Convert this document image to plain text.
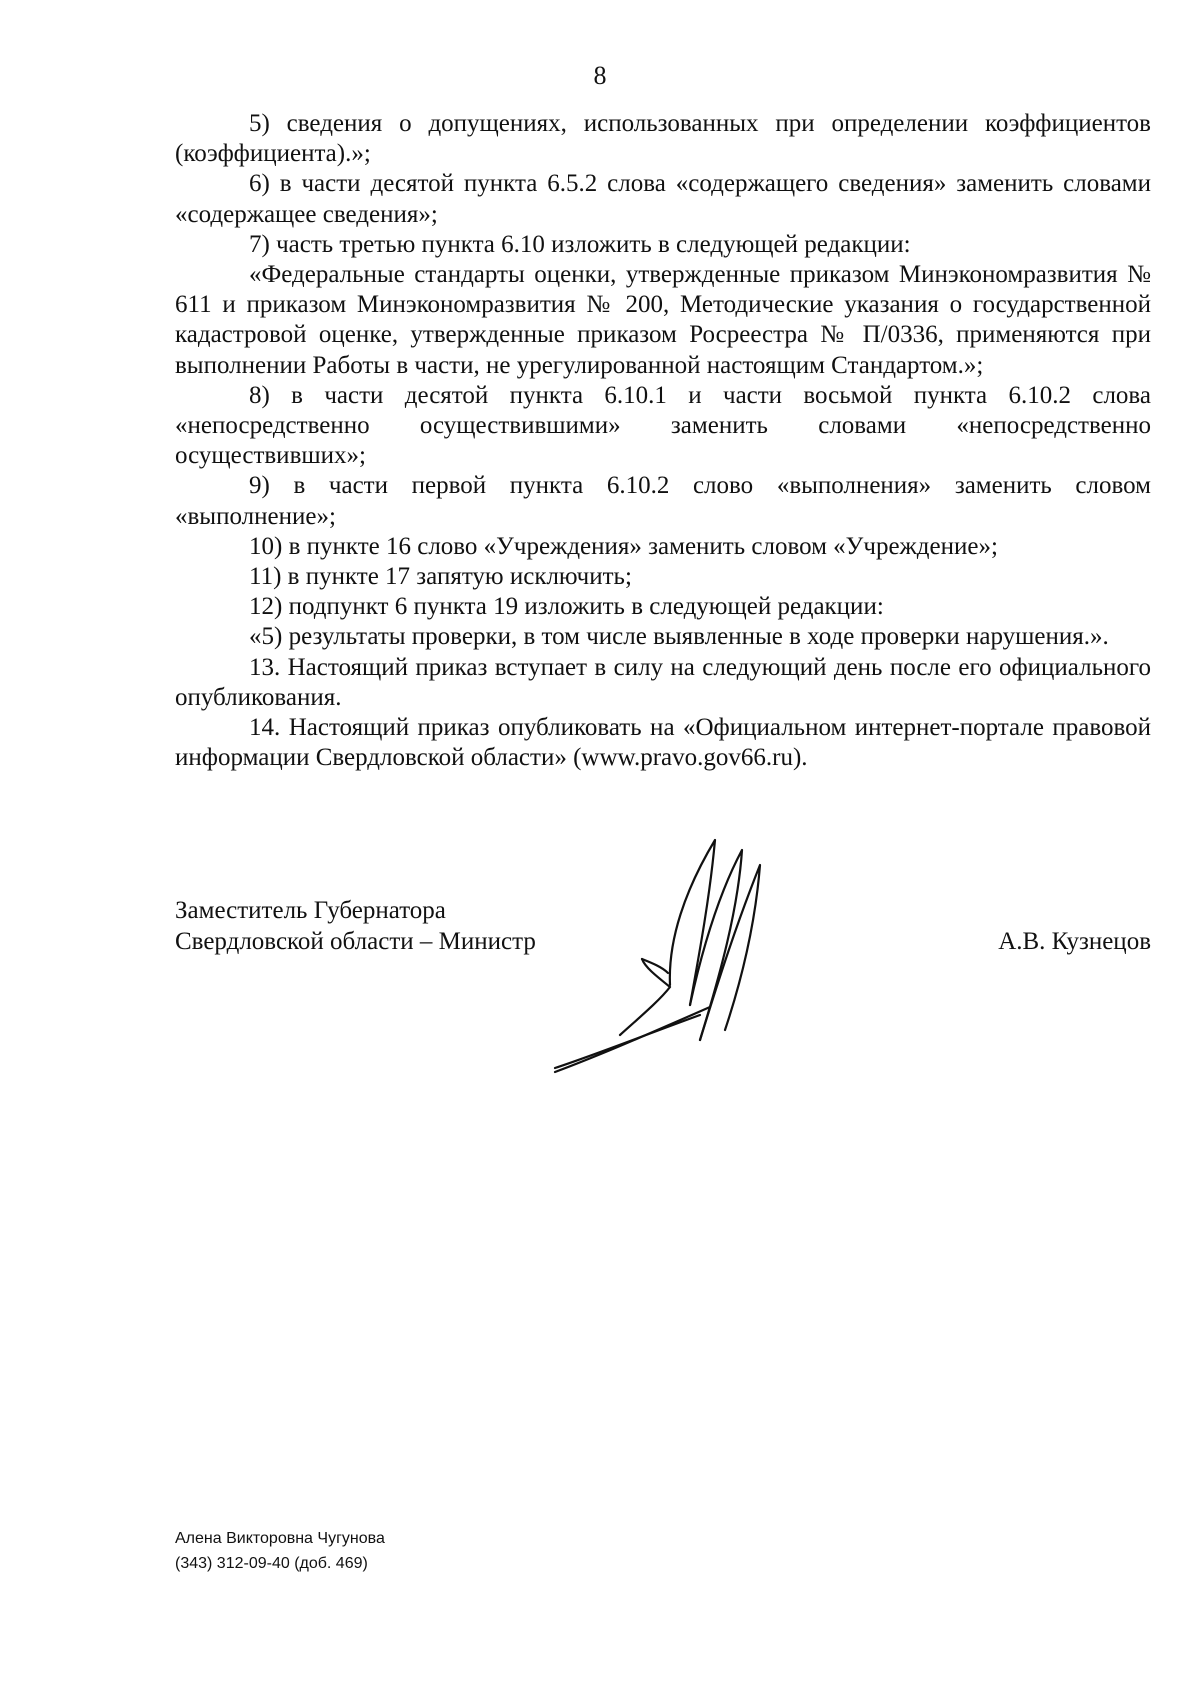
8

5) сведения о допущениях, использованных при определении коэффициентов (коэффициента).»;

6) в части десятой пункта 6.5.2 слова «содержащего сведения» заменить словами «содержащее сведения»;

7) часть третью пункта 6.10 изложить в следующей редакции:

«Федеральные стандарты оценки, утвержденные приказом Минэкономразвития № 611 и приказом Минэкономразвития № 200, Методические указания о государственной кадастровой оценке, утвержденные приказом Росреестра № П/0336, применяются при выполнении Работы в части, не урегулированной настоящим Стандартом.»;

8) в части десятой пункта 6.10.1 и части восьмой пункта 6.10.2 слова «непосредственно осуществившими» заменить словами «непосредственно осуществивших»;

9) в части первой пункта 6.10.2 слово «выполнения» заменить словом «выполнение»;

10) в пункте 16 слово «Учреждения» заменить словом «Учреждение»;

11) в пункте 17 запятую исключить;

12) подпункт 6 пункта 19 изложить в следующей редакции:

«5) результаты проверки, в том числе выявленные в ходе проверки нарушения.».

13. Настоящий приказ вступает в силу на следующий день после его официального опубликования.

14. Настоящий приказ опубликовать на «Официальном интернет-портале правовой информации Свердловской области» (www.pravo.gov66.ru).

Заместитель Губернатора
Свердловской области – Министр	А.В. Кузнецов
Алена Викторовна Чугунова
(343) 312-09-40 (доб. 469)
